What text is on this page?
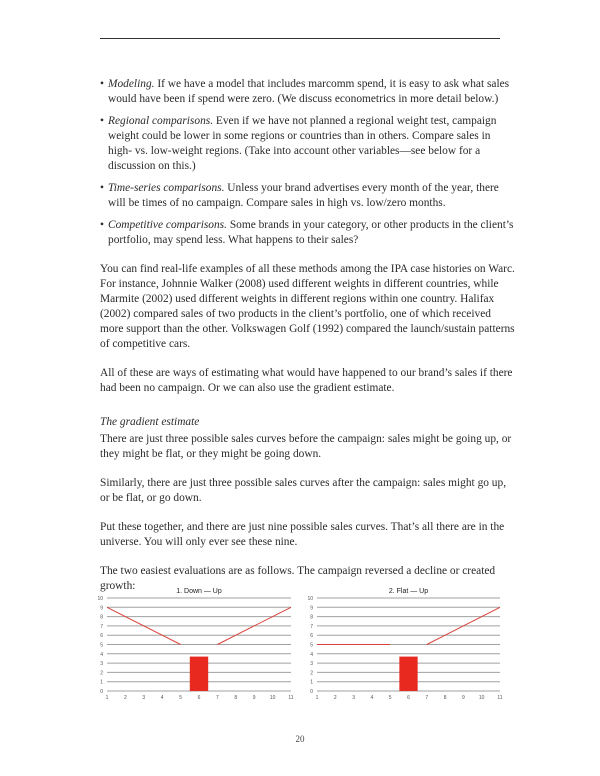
• Modeling. If we have a model that includes marcomm spend, it is easy to ask what sales would have been if spend were zero. (We discuss econometrics in more detail below.)
• Regional comparisons. Even if we have not planned a regional weight test, campaign weight could be lower in some regions or countries than in others. Compare sales in high- vs. low-weight regions. (Take into account other variables—see below for a discussion on this.)
• Time-series comparisons. Unless your brand advertises every month of the year, there will be times of no campaign. Compare sales in high vs. low/zero months.
• Competitive comparisons. Some brands in your category, or other products in the client’s portfolio, may spend less. What happens to their sales?

You can find real-life examples of all these methods among the IPA case histories on Warc. For instance, Johnnie Walker (2008) used different weights in different countries, while Marmite (2002) used different weights in different regions within one country. Halifax (2002) compared sales of two products in the client’s portfolio, one of which received more support than the other. Volkswagen Golf (1992) compared the launch/sustain patterns of competitive cars.

All of these are ways of estimating what would have happened to our brand’s sales if there had been no campaign. Or we can also use the gradient estimate.

The gradient estimate

There are just three possible sales curves before the campaign: sales might be going up, or they might be flat, or they might be going down.

Similarly, there are just three possible sales curves after the campaign: sales might go up, or be flat, or go down.

Put these together, and there are just nine possible sales curves. That’s all there are in the universe. You will only ever see these nine.

The two easiest evaluations are as follows. The campaign reversed a decline or created growth:	1. Down — Up
0
1
2
3
4
5
6
7
8
9
10
1	2	3	4	5	6	7	8	9	10	11
2. Flat — Up
0
1
2
3
4
5
6
7
8
9
10
1	2	3	4	5	6	7	8	9	10	11
20
